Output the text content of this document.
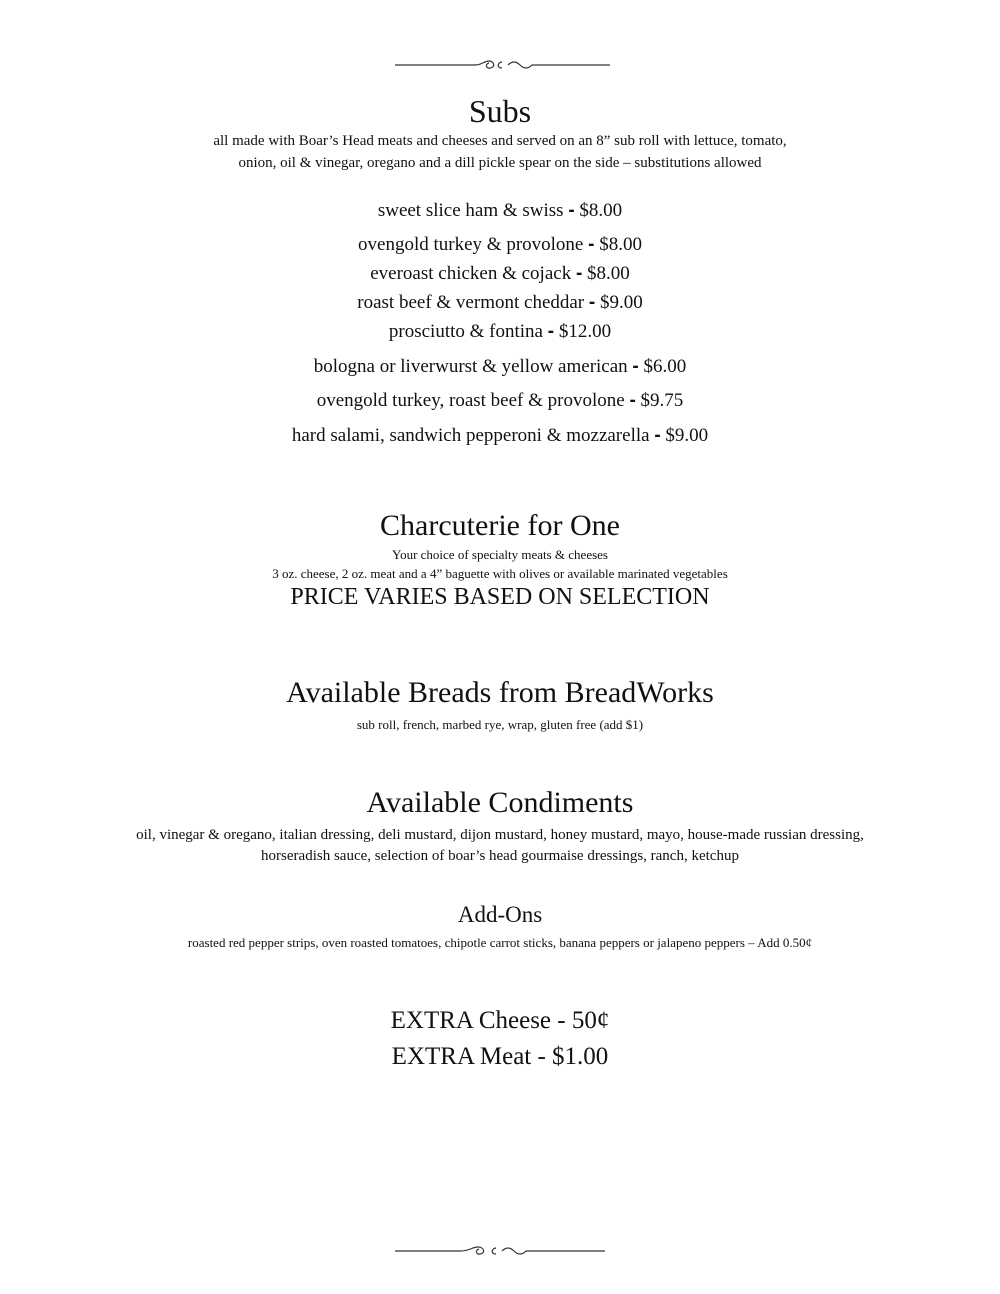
Subs
all made with Boar’s Head meats and cheeses and served on an 8” sub roll with lettuce, tomato,
onion, oil & vinegar, oregano and a dill pickle spear on the side – substitutions allowed
sweet slice ham & swiss - $8.00
ovengold turkey & provolone - $8.00
everoast chicken & cojack - $8.00
roast beef & vermont cheddar - $9.00
prosciutto & fontina - $12.00
bologna or liverwurst & yellow american - $6.00
ovengold turkey, roast beef & provolone - $9.75
hard salami, sandwich pepperoni & mozzarella - $9.00
Charcuterie for One
Your choice of specialty meats & cheeses
3 oz. cheese, 2 oz. meat and a 4” baguette with olives or available marinated vegetables
PRICE VARIES BASED ON SELECTION
Available Breads from BreadWorks
sub roll, french, marbed rye, wrap, gluten free (add $1)
Available Condiments
oil, vinegar & oregano, italian dressing, deli mustard, dijon mustard, honey mustard, mayo, house-made russian dressing,
horseradish sauce, selection of boar’s head gourmaise dressings, ranch, ketchup
Add-Ons
roasted red pepper strips, oven roasted tomatoes, chipotle carrot sticks, banana peppers or jalapeno peppers – Add 0.50¢
EXTRA Cheese - 50¢
EXTRA Meat - $1.00
